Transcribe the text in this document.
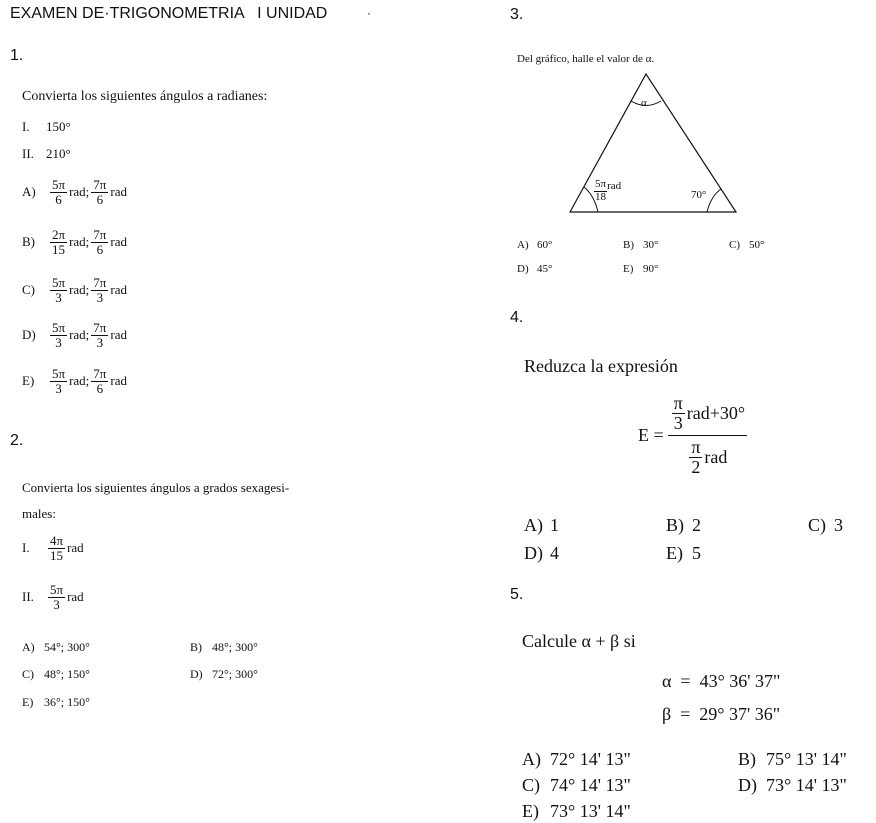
EXAMEN DE·TRIGONOMETRIA   I UNIDAD	·
1.
Convierta los siguientes ángulos a radianes:
I.	150°
II. 210°
A)	$\frac{5\pi}{6}$ rad; $\frac{7\pi}{6}$ rad
B)	$\frac{2\pi}{15}$ rad; $\frac{7\pi}{6}$ rad
C)	$\frac{5\pi}{3}$ rad; $\frac{7\pi}{3}$ rad
D)	$\frac{5\pi}{3}$ rad; $\frac{7\pi}{3}$ rad
E)	$\frac{5\pi}{3}$ rad; $\frac{7\pi}{6}$ rad
2.
Convierta los siguientes ángulos a grados sexagesi-
males:
I.	$\frac{4\pi}{15}$ rad
II.	$\frac{5\pi}{3}$ rad
A) 54°; 300°	B) 48°; 300°
C) 48°; 150°	D) 72°; 300°
E) 36°; 150°
3.
Del gráfico, halle el valor de α.
α
$\frac{5\pi}{18}$ rad
70°
A) 60°	B) 30°	C) 50°
D) 45°	E) 90°
4.
Reduzca la expresión
E =
$\frac{\pi}{3} rad+30^\circ$
$\frac{\pi}{2}$ rad
A) 1	B) 2	C) 3
D) 4	E) 5
5.
Calcule α + β si
α  =  43° 36' 37"
β  =  29° 37' 36"
A) 72° 14' 13"	B) 75° 13' 14"
C) 74° 14' 13"	D) 73° 14' 13"
E) 73° 13' 14"
